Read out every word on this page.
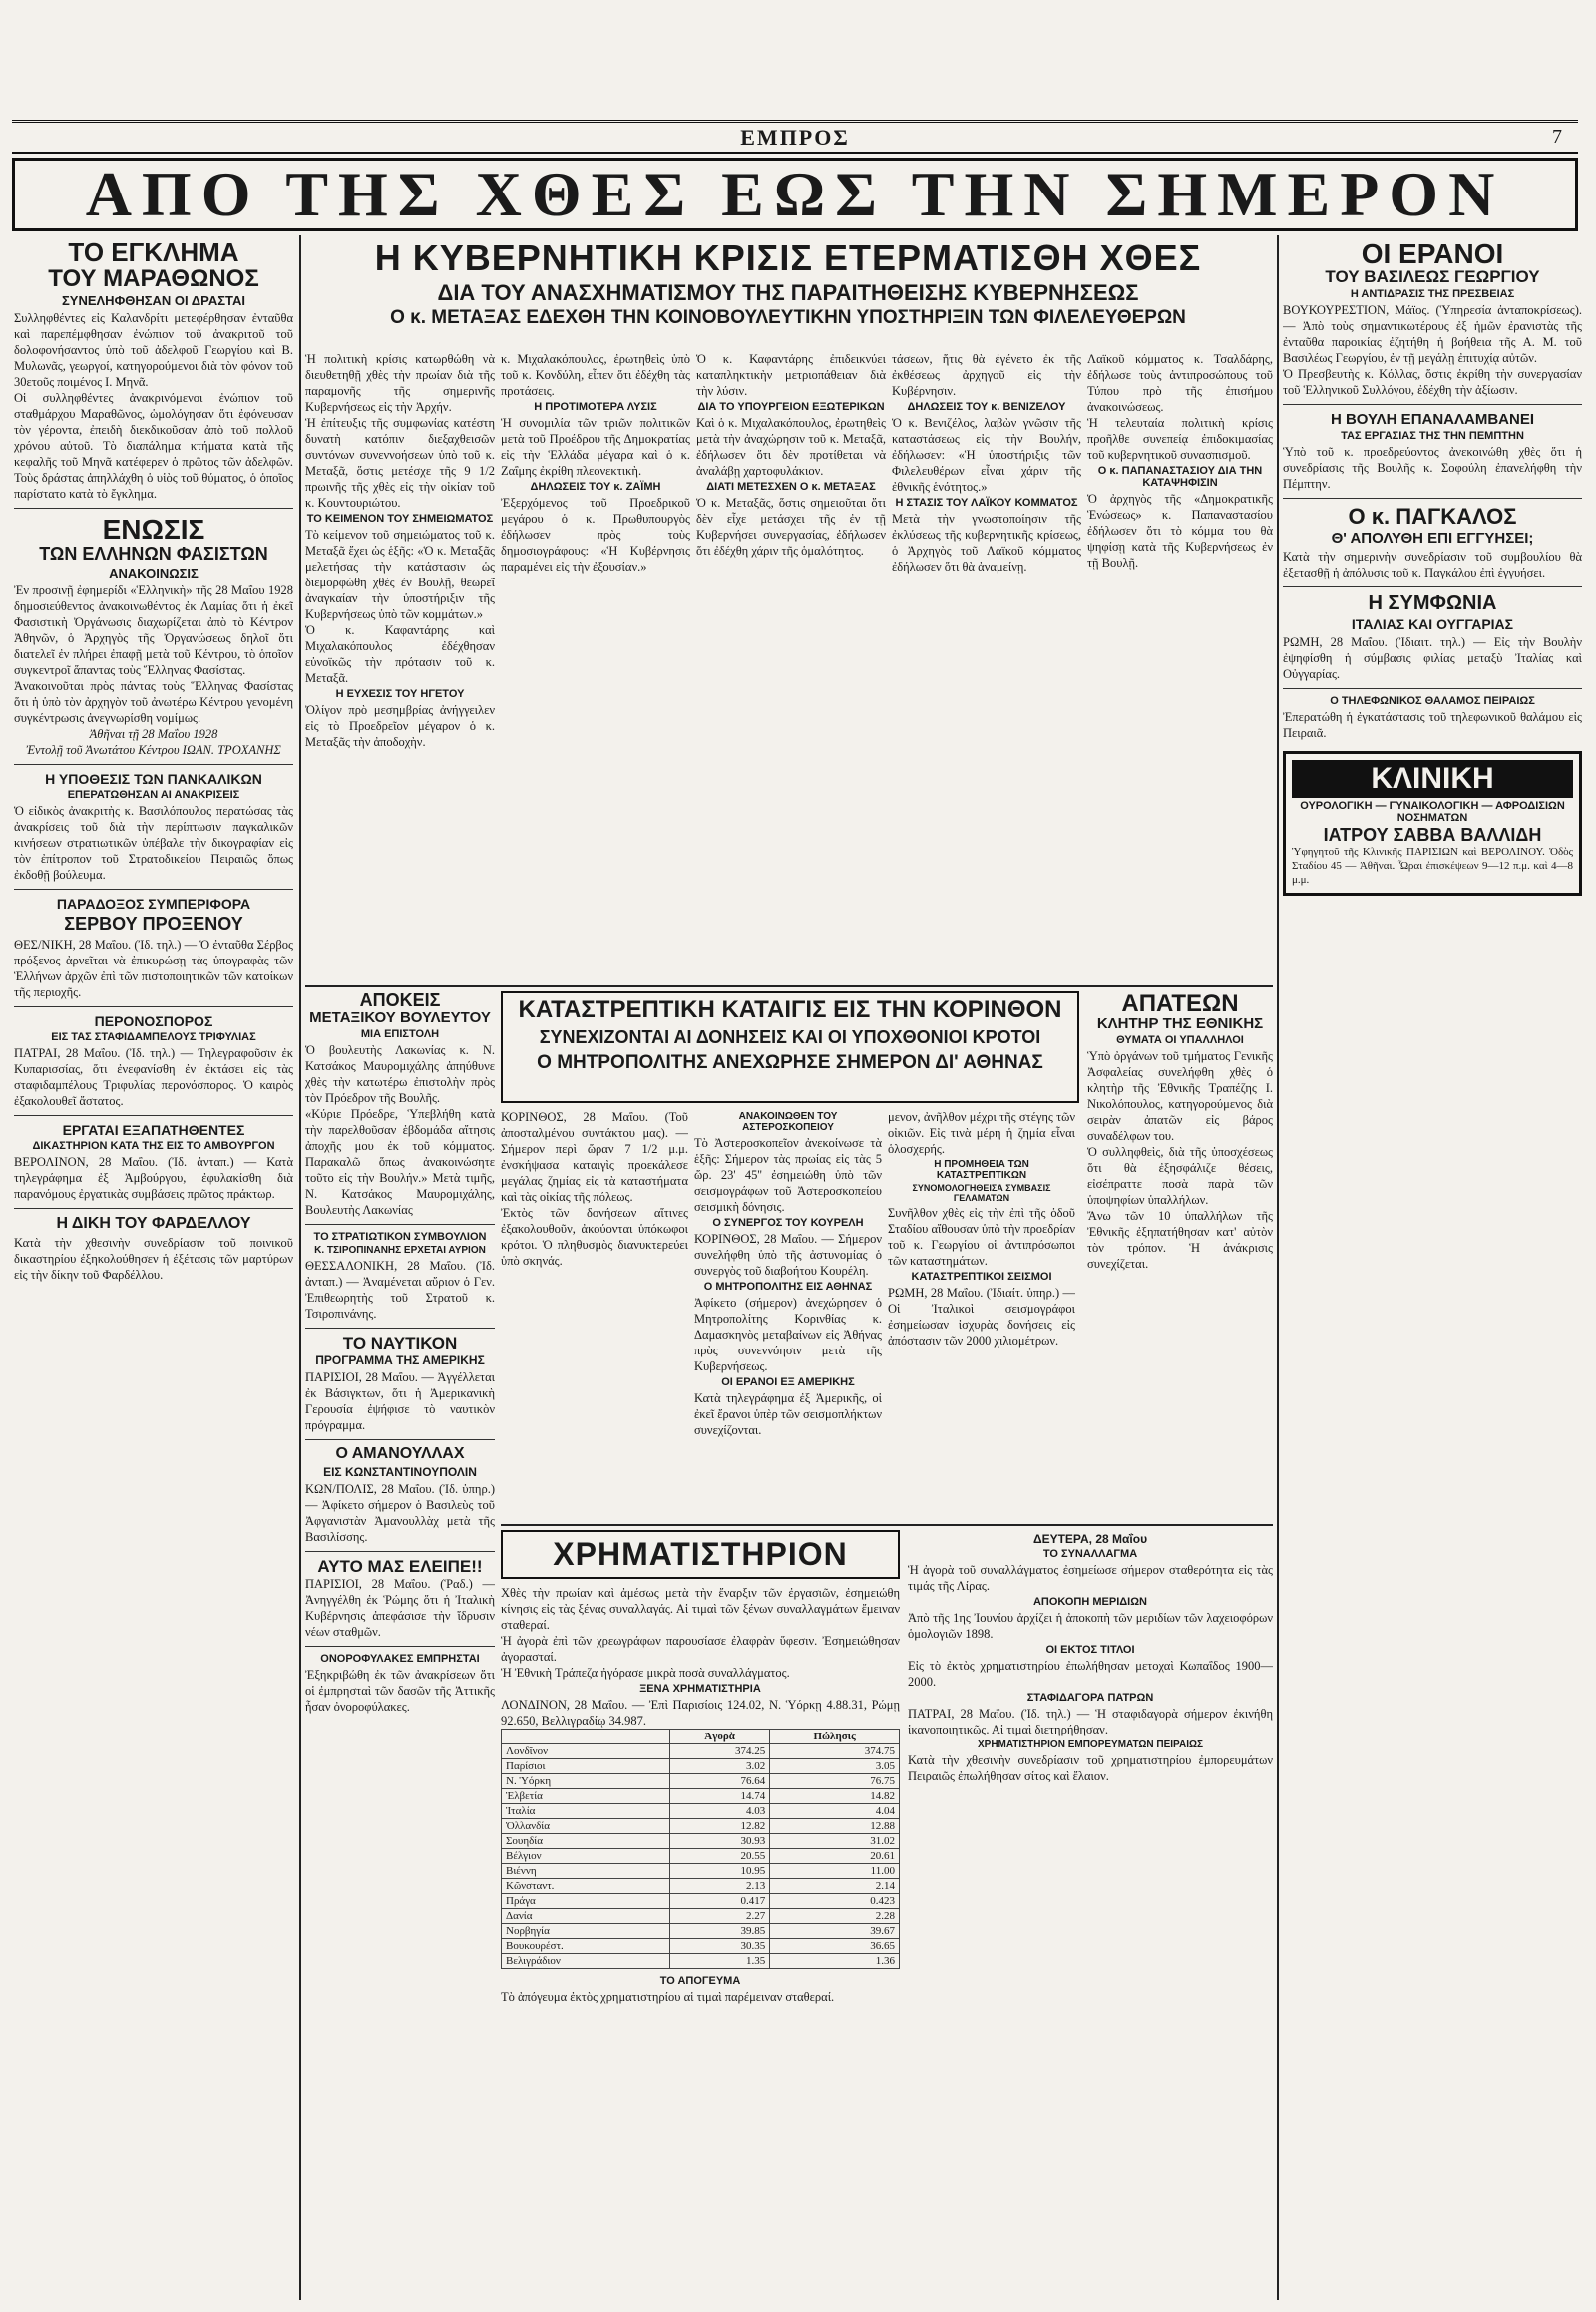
ΕΜΠΡΟΣ	7
ΑΠΟ ΤΗΣ ΧΘΕΣ ΕΩΣ ΤΗΝ ΣΗΜΕΡΟΝ
ΤΟ ΕΓΚΛΗΜΑ
ΤΟΥ ΜΑΡΑΘΩΝΟΣ
ΣΥΝΕΛΗΦΘΗΣΑΝ ΟΙ ΔΡΑΣΤΑΙ

Συλληφθέντες εἰς Καλανδρίτι μετεφέρθησαν ἐνταῦθα καὶ παρεπέμφθησαν ἐνώπιον τοῦ ἀνακριτοῦ τοῦ δολοφονήσαντος ὑπὸ τοῦ ἀδελφοῦ Γεωργίου καὶ Β. Μυλωνᾶς, γεωργοί, κατηγορούμενοι διὰ τὸν φόνον τοῦ 30ετοῦς ποιμένος Ι. Μηνᾶ.

Οἱ συλληφθέντες ἀνακρινόμενοι ἐνώπιον τοῦ σταθμάρχου Μαραθῶνος, ὡμολόγησαν ὅτι ἐφόνευσαν τὸν γέροντα, ἐπειδὴ διεκδικοῦσαν ἀπὸ τοῦ πολλοῦ χρόνου αὐτοῦ. Τὸ διαπάλημα κτήματα κατὰ τῆς κεφαλῆς τοῦ Μηνᾶ κατέφερεν ὁ πρῶτος τῶν ἀδελφῶν. Τοὺς δράστας ἀπηλλάχθη ὁ υἱὸς τοῦ θύματος, ὁ ὁποῖος παρίστατο κατὰ τὸ ἔγκλημα.

ΕΝΩΣΙΣ
ΤΩΝ ΕΛΛΗΝΩΝ ΦΑΣΙΣΤΩΝ
ΑΝΑΚΟΙΝΩΣΙΣ

Ἐν προσινῇ ἐφημερίδι «Ἑλληνικὴ» τῆς 28 Μαΐου 1928 δημοσιεύθεντος ἀνακοινωθέντος ἐκ Λαμίας ὅτι ἡ ἐκεῖ Φασιστικὴ Ὀργάνωσις διαχωρίζεται ἀπὸ τὸ Κέντρον Ἀθηνῶν, ὁ Ἀρχηγὸς τῆς Ὀργανώσεως δηλοῖ ὅτι διατελεῖ ἐν πλήρει ἐπαφῇ μετὰ τοῦ Κέντρου, τὸ ὁποῖον συγκεντροῖ ἅπαντας τοὺς Ἕλληνας Φασίστας.

Ἀνακοινοῦται πρὸς πάντας τοὺς Ἕλληνας Φασίστας ὅτι ἡ ὑπὸ τὸν ἀρχηγὸν τοῦ ἀνωτέρω Κέντρου γενομένη συγκέντρωσις ἀνεγνωρίσθη νομίμως.

Ἀθῆναι τῇ 28 Μαΐου 1928

Ἐντολῇ τοῦ Ἀνωτάτου Κέντρου ΙΩΑΝ. ΤΡΟΧΑΝΗΣ

Η ΥΠΟΘΕΣΙΣ ΤΩΝ ΠΑΝΚΑΛΙΚΩΝ
ΕΠΕΡΑΤΩΘΗΣΑΝ ΑΙ ΑΝΑΚΡΙΣΕΙΣ

Ὁ εἰδικὸς ἀνακριτὴς κ. Βασιλόπουλος περατώσας τὰς ἀνακρίσεις τοῦ διὰ τὴν περίπτωσιν παγκαλικῶν κινήσεων στρατιωτικῶν ὑπέβαλε τὴν δικογραφίαν εἰς τὸν ἐπίτροπον τοῦ Στρατοδικείου Πειραιῶς ὅπως ἐκδοθῇ βούλευμα.

ΠΑΡΑΔΟΞΟΣ ΣΥΜΠΕΡΙΦΟΡΑ
ΣΕΡΒΟΥ ΠΡΟΞΕΝΟΥ

ΘΕΣ/ΝΙΚΗ, 28 Μαΐου. (Ἰδ. τηλ.) — Ὁ ἐνταῦθα Σέρβος πρόξενος ἀρνεῖται νὰ ἐπικυρώσῃ τὰς ὑπογραφὰς τῶν Ἑλλήνων ἀρχῶν ἐπὶ τῶν πιστοποιητικῶν τῶν κατοίκων τῆς περιοχῆς.

ΠΕΡΟΝΟΣΠΟΡΟΣ
ΕΙΣ ΤΑΣ ΣΤΑΦΙΔΑΜΠΕΛΟΥΣ ΤΡΙΦΥΛΙΑΣ

ΠΑΤΡΑΙ, 28 Μαΐου. (Ἰδ. τηλ.) — Τηλεγραφοῦσιν ἐκ Κυπαρισσίας, ὅτι ἐνεφανίσθη ἐν ἐκτάσει εἰς τὰς σταφιδαμπέλους Τριφυλίας περονόσπορος. Ὁ καιρὸς ἐξακολουθεῖ ἄστατος.

ΕΡΓΑΤΑΙ ΕΞΑΠΑΤΗΘΕΝΤΕΣ
ΔΙΚΑΣΤΗΡΙΟΝ ΚΑΤΑ ΤΗΣ ΕΙΣ ΤΟ ΑΜΒΟΥΡΓΟΝ

ΒΕΡΟΛΙΝΟΝ, 28 Μαΐου. (Ἰδ. ἀνταπ.) — Κατὰ τηλεγράφημα ἐξ Ἀμβούργου, ἐφυλακίσθη διὰ παρανόμους ἐργατικὰς συμβάσεις πρῶτος πράκτωρ.

Η ΔΙΚΗ ΤΟΥ ΦΑΡΔΕΛΛΟΥ

Κατὰ τὴν χθεσινὴν συνεδρίασιν τοῦ ποινικοῦ δικαστηρίου ἐξηκολούθησεν ἡ ἐξέτασις τῶν μαρτύρων εἰς τὴν δίκην τοῦ Φαρδέλλου.

Η ΚΥΒΕΡΝΗΤΙΚΗ ΚΡΙΣΙΣ ΕΤΕΡΜΑΤΙΣΘΗ ΧΘΕΣ
ΔΙΑ ΤΟΥ ΑΝΑΣΧΗΜΑΤΙΣΜΟΥ ΤΗΣ ΠΑΡΑΙΤΗΘΕΙΣΗΣ ΚΥΒΕΡΝΗΣΕΩΣ
Ο κ. ΜΕΤΑΞΑΣ ΕΔΕΧΘΗ ΤΗΝ ΚΟΙΝΟΒΟΥΛΕΥΤΙΚΗΝ ΥΠΟΣΤΗΡΙΞΙΝ ΤΩΝ ΦΙΛΕΛΕΥΘΕΡΩΝ

Ἡ πολιτικὴ κρίσις κατωρθώθη νὰ διευθετηθῇ χθὲς τὴν πρωίαν διὰ τῆς παραμονῆς τῆς σημερινῆς Κυβερνήσεως εἰς τὴν Ἀρχήν.

Ἡ ἐπίτευξις τῆς συμφωνίας κατέστη δυνατὴ κατόπιν διεξαχθεισῶν συντόνων συνεννοήσεων ὑπὸ τοῦ κ. Μεταξᾶ, ὅστις μετέσχε τῆς 9 1/2 πρωινῆς τῆς χθὲς εἰς τὴν οἰκίαν τοῦ κ. Κουντουριώτου.

ΤΟ ΚΕΙΜΕΝΟΝ ΤΟΥ ΣΗΜΕΙΩΜΑΤΟΣ

Τὸ κείμενον τοῦ σημειώματος τοῦ κ. Μεταξᾶ ἔχει ὡς ἑξῆς: «Ὁ κ. Μεταξᾶς μελετήσας τὴν κατάστασιν ὡς διεμορφώθη χθὲς ἐν Βουλῇ, θεωρεῖ ἀναγκαίαν τὴν ὑποστήριξιν τῆς Κυβερνήσεως ὑπὸ τῶν κομμάτων.»

Ὁ κ. Καφαντάρης καὶ Μιχαλακόπουλος ἐδέχθησαν εὐνοϊκῶς τὴν πρότασιν τοῦ κ. Μεταξᾶ.

Η ΕΥΧΕΣΙΣ ΤΟΥ ΗΓΕΤΟΥ

Ὀλίγον πρὸ μεσημβρίας ἀνήγγειλεν εἰς τὸ Προεδρεῖον μέγαρον ὁ κ. Μεταξᾶς τὴν ἀποδοχὴν.

κ. Μιχαλακόπουλος, ἐρωτηθεὶς ὑπὸ τοῦ κ. Κονδύλη, εἶπεν ὅτι ἐδέχθη τὰς προτάσεις.

Η ΠΡΟΤΙΜΟΤΕΡΑ ΛΥΣΙΣ

Ἡ συνομιλία τῶν τριῶν πολιτικῶν μετὰ τοῦ Προέδρου τῆς Δημοκρατίας εἰς τὴν Ἑλλάδα μέγαρα καὶ ὁ κ. Ζαΐμης ἐκρίθη πλεονεκτικὴ.

ΔΗΛΩΣΕΙΣ ΤΟΥ κ. ΖΑΪΜΗ

Ἐξερχόμενος τοῦ Προεδρικοῦ μεγάρου ὁ κ. Πρωθυπουργὸς ἐδήλωσεν πρὸς τοὺς δημοσιογράφους: «Ἡ Κυβέρνησις παραμένει εἰς τὴν ἐξουσίαν.»

Ὁ κ. Καφαντάρης ἐπιδεικνύει καταπληκτικὴν μετριοπάθειαν διὰ τὴν λύσιν.

ΔΙΑ ΤΟ ΥΠΟΥΡΓΕΙΟΝ ΕΞΩΤΕΡΙΚΩΝ

Καὶ ὁ κ. Μιχαλακόπουλος, ἐρωτηθεὶς μετὰ τὴν ἀναχώρησιν τοῦ κ. Μεταξᾶ, ἐδήλωσεν ὅτι δὲν προτίθεται νὰ ἀναλάβῃ χαρτοφυλάκιον.

ΔΙΑΤΙ ΜΕΤΕΣΧΕΝ Ο κ. ΜΕΤΑΞΑΣ

Ὁ κ. Μεταξᾶς, ὅστις σημειοῦται ὅτι δὲν εἶχε μετάσχει τῆς ἐν τῇ Κυβερνήσει συνεργασίας, ἐδήλωσεν ὅτι ἐδέχθη χάριν τῆς ὁμαλότητος.

τάσεων, ἥτις θὰ ἐγένετο ἐκ τῆς ἐκθέσεως ἀρχηγοῦ εἰς τὴν Κυβέρνησιν.

ΔΗΛΩΣΕΙΣ ΤΟΥ κ. ΒΕΝΙΖΕΛΟΥ

Ὁ κ. Βενιζέλος, λαβὼν γνῶσιν τῆς καταστάσεως εἰς τὴν Βουλήν, ἐδήλωσεν: «Ἡ ὑποστήριξις τῶν Φιλελευθέρων εἶναι χάριν τῆς ἐθνικῆς ἑνότητος.»

Η ΣΤΑΣΙΣ ΤΟΥ ΛΑΪΚΟΥ ΚΟΜΜΑΤΟΣ

Μετὰ τὴν γνωστοποίησιν τῆς ἐκλύσεως τῆς κυβερνητικῆς κρίσεως, ὁ Ἀρχηγὸς τοῦ Λαϊκοῦ κόμματος ἐδήλωσεν ὅτι θὰ ἀναμείνῃ.

Λαϊκοῦ κόμματος κ. Τσαλδάρης, ἐδήλωσε τοὺς ἀντιπροσώπους τοῦ Τύπου πρὸ τῆς ἐπισήμου ἀνακοινώσεως.

Ἡ τελευταία πολιτικὴ κρίσις προῆλθε συνεπείᾳ ἐπιδοκιμασίας τοῦ κυβερνητικοῦ συνασπισμοῦ.

Ο κ. ΠΑΠΑΝΑΣΤΑΣΙΟΥ ΔΙΑ ΤΗΝ ΚΑΤΑΨΗΦΙΣΙΝ

Ὁ ἀρχηγὸς τῆς «Δημοκρατικῆς Ἑνώσεως» κ. Παπαναστασίου ἐδήλωσεν ὅτι τὸ κόμμα του θὰ ψηφίσῃ κατὰ τῆς Κυβερνήσεως ἐν τῇ Βουλῇ.

ΟΙ ΕΡΑΝΟΙ
ΤΟΥ ΒΑΣΙΛΕΩΣ ΓΕΩΡΓΙΟΥ
Η ΑΝΤΙΔΡΑΣΙΣ ΤΗΣ ΠΡΕΣΒΕΙΑΣ

ΒΟΥΚΟΥΡΕΣΤΙΟΝ, Μάϊος. (Ὑπηρεσία ἀνταποκρίσεως). — Ἀπὸ τοὺς σημαντικωτέρους ἐξ ἡμῶν ἐρανιστὰς τῆς ἐνταῦθα παροικίας ἐζητήθη ἡ βοήθεια τῆς Α. Μ. τοῦ Βασιλέως Γεωργίου, ἐν τῇ μεγάλῃ ἐπιτυχίᾳ αὐτῶν.

Ὁ Πρεσβευτὴς κ. Κόλλας, ὅστις ἐκρίθη τὴν συνεργασίαν τοῦ Ἑλληνικοῦ Συλλόγου, ἐδέχθη τὴν ἀξίωσιν.

Η ΒΟΥΛΗ ΕΠΑΝΑΛΑΜΒΑΝΕΙ
ΤΑΣ ΕΡΓΑΣΙΑΣ ΤΗΣ ΤΗΝ ΠΕΜΠΤΗΝ

Ὑπὸ τοῦ κ. προεδρεύοντος ἀνεκοινώθη χθὲς ὅτι ἡ συνεδρίασις τῆς Βουλῆς κ. Σοφούλη ἐπανελήφθη τὴν Πέμπτην.

Ο κ. ΠΑΓΚΑΛΟΣ
Θ' ΑΠΟΛΥΘΗ ΕΠΙ ΕΓΓΥΗΣΕΙ;

Κατὰ τὴν σημερινὴν συνεδρίασιν τοῦ συμβουλίου θὰ ἐξετασθῇ ἡ ἀπόλυσις τοῦ κ. Παγκάλου ἐπὶ ἐγγυήσει.

Η ΣΥΜΦΩΝΙΑ
ΙΤΑΛΙΑΣ ΚΑΙ ΟΥΓΓΑΡΙΑΣ

ΡΩΜΗ, 28 Μαΐου. (Ἰδιαιτ. τηλ.) — Εἰς τὴν Βουλὴν ἐψηφίσθη ἡ σύμβασις φιλίας μεταξὺ Ἰταλίας καὶ Οὐγγαρίας.

Ο ΤΗΛΕΦΩΝΙΚΟΣ ΘΑΛΑΜΟΣ ΠΕΙΡΑΙΩΣ

Ἐπερατώθη ἡ ἐγκατάστασις τοῦ τηλεφωνικοῦ θαλάμου εἰς Πειραιᾶ.

ΚΛΙΝΙΚΗ
ΟΥΡΟΛΟΓΙΚΗ — ΓΥΝΑΙΚΟΛΟΓΙΚΗ — ΑΦΡΟΔΙΣΙΩΝ ΝΟΣΗΜΑΤΩΝ
ΙΑΤΡΟΥ ΣΑΒΒΑ ΒΑΛΛΙΔΗ

Ὑφηγητοῦ τῆς Κλινικῆς ΠΑΡΙΣΙΩΝ καὶ ΒΕΡΟΛΙΝΟΥ. Ὁδὸς Σταδίου 45 — Ἀθῆναι. Ὧραι ἐπισκέψεων 9—12 π.μ. καὶ 4—8 μ.μ.

ΑΠΟΚΕΙΣ
ΜΕΤΑΞΙΚΟΥ ΒΟΥΛΕΥΤΟΥ
ΜΙΑ ΕΠΙΣΤΟΛΗ

Ὁ βουλευτὴς Λακωνίας κ. Ν. Κατσάκος Μαυρομιχάλης ἀπηύθυνε χθὲς τὴν κατωτέρω ἐπιστολὴν πρὸς τὸν Πρόεδρον τῆς Βουλῆς.

«Κύριε Πρόεδρε, Ὑπεβλήθη κατὰ τὴν παρελθοῦσαν ἑβδομάδα αἴτησις ἀποχῆς μου ἐκ τοῦ κόμματος. Παρακαλῶ ὅπως ἀνακοινώσητε τοῦτο εἰς τὴν Βουλήν.» Μετὰ τιμῆς, Ν. Κατσάκος Μαυρομιχάλης, Βουλευτὴς Λακωνίας

ΤΟ ΣΤΡΑΤΙΩΤΙΚΟΝ ΣΥΜΒΟΥΛΙΟΝ
Κ. ΤΣΙΡΟΠΙΝΑΝΗΣ ΕΡΧΕΤΑΙ ΑΥΡΙΟΝ

ΘΕΣΣΑΛΟΝΙΚΗ, 28 Μαΐου. (Ἰδ. ἀνταπ.) — Ἀναμένεται αὔριον ὁ Γεν. Ἐπιθεωρητὴς τοῦ Στρατοῦ κ. Τσιροπινάνης.

ΤΟ ΝΑΥΤΙΚΟΝ
ΠΡΟΓΡΑΜΜΑ ΤΗΣ ΑΜΕΡΙΚΗΣ

ΠΑΡΙΣΙΟΙ, 28 Μαΐου. — Ἀγγέλλεται ἐκ Βάσιγκτων, ὅτι ἡ Ἀμερικανικὴ Γερουσία ἐψήφισε τὸ ναυτικὸν πρόγραμμα.

Ο ΑΜΑΝΟΥΛΛΑΧ
ΕΙΣ ΚΩΝΣΤΑΝΤΙΝΟΥΠΟΛΙΝ

ΚΩΝ/ΠΟΛΙΣ, 28 Μαΐου. (Ἰδ. ὑπηρ.) — Ἀφίκετο σήμερον ὁ Βασιλεὺς τοῦ Ἀφγανιστὰν Ἀμανουλλὰχ μετὰ τῆς Βασιλίσσης.

ΑΥΤΟ ΜΑΣ ΕΛΕΙΠΕ!!

ΠΑΡΙΣΙΟΙ, 28 Μαΐου. (Ῥαδ.) — Ἀνηγγέλθη ἐκ Ῥώμης ὅτι ἡ Ἰταλικὴ Κυβέρνησις ἀπεφάσισε τὴν ἵδρυσιν νέων σταθμῶν.

ΟΝΟΡΟΦΥΛΑΚΕΣ ΕΜΠΡΗΣΤΑΙ

Ἐξηκριβώθη ἐκ τῶν ἀνακρίσεων ὅτι οἱ ἐμπρησταὶ τῶν δασῶν τῆς Ἀττικῆς ἦσαν ὀνοροφύλακες.

ΚΑΤΑΣΤΡΕΠΤΙΚΗ ΚΑΤΑΙΓΙΣ ΕΙΣ ΤΗΝ ΚΟΡΙΝΘΟΝ
ΣΥΝΕΧΙΖΟΝΤΑΙ ΑΙ ΔΟΝΗΣΕΙΣ ΚΑΙ ΟΙ ΥΠΟΧΘΟΝΙΟΙ ΚΡΟΤΟΙ
Ο ΜΗΤΡΟΠΟΛΙΤΗΣ ΑΝΕΧΩΡΗΣΕ ΣΗΜΕΡΟΝ ΔΙ' ΑΘΗΝΑΣ

ΚΟΡΙΝΘΟΣ, 28 Μαΐου. (Τοῦ ἀποσταλμένου συντάκτου μας). — Σήμερον περὶ ὥραν 7 1/2 μ.μ. ἐνσκήψασα καταιγὶς προεκάλεσε μεγάλας ζημίας εἰς τὰ καταστήματα καὶ τὰς οἰκίας τῆς πόλεως.

Ἐκτὸς τῶν δονήσεων αἵτινες ἐξακολουθοῦν, ἀκούονται ὑπόκωφοι κρότοι. Ὁ πληθυσμὸς διανυκτερεύει ὑπὸ σκηνάς.

ΑΝΑΚΟΙΝΩΘΕΝ ΤΟΥ ΑΣΤΕΡΟΣΚΟΠΕΙΟΥ

Τὸ Ἀστεροσκοπεῖον ἀνεκοίνωσε τὰ ἑξῆς: Σήμερον τὰς πρωίας εἰς τὰς 5 ὥρ. 23' 45'' ἐσημειώθη ὑπὸ τῶν σεισμογράφων τοῦ Ἀστεροσκοπείου σεισμικὴ δόνησις.

Ο ΣΥΝΕΡΓΟΣ ΤΟΥ ΚΟΥΡΕΛΗ

ΚΟΡΙΝΘΟΣ, 28 Μαΐου. — Σήμερον συνελήφθη ὑπὸ τῆς ἀστυνομίας ὁ συνεργὸς τοῦ διαβοήτου Κουρέλη.

Ο ΜΗΤΡΟΠΟΛΙΤΗΣ ΕΙΣ ΑΘΗΝΑΣ

Ἀφίκετο (σήμερον) ἀνεχώρησεν ὁ Μητροπολίτης Κορινθίας κ. Δαμασκηνὸς μεταβαίνων εἰς Ἀθήνας πρὸς συνεννόησιν μετὰ τῆς Κυβερνήσεως.

ΟΙ ΕΡΑΝΟΙ ΕΞ ΑΜΕΡΙΚΗΣ

Κατὰ τηλεγράφημα ἐξ Ἀμερικῆς, οἱ ἐκεῖ ἔρανοι ὑπὲρ τῶν σεισμοπλήκτων συνεχίζονται.

μενον, ἀνῆλθον μέχρι τῆς στέγης τῶν οἰκιῶν. Εἰς τινὰ μέρη ἡ ζημία εἶναι ὁλοσχερής.

Η ΠΡΟΜΗΘΕΙΑ ΤΩΝ ΚΑΤΑΣΤΡΕΠΤΙΚΩΝ
ΣΥΝΟΜΟΛΟΓΗΘΕΙΣΑ ΣΥΜΒΑΣΙΣ ΓΕΛΑΜΑΤΩΝ

Συνῆλθον χθὲς εἰς τὴν ἐπὶ τῆς ὁδοῦ Σταδίου αἴθουσαν ὑπὸ τὴν προεδρίαν τοῦ κ. Γεωργίου οἱ ἀντιπρόσωποι τῶν καταστημάτων.

ΚΑΤΑΣΤΡΕΠΤΙΚΟΙ ΣΕΙΣΜΟΙ

ΡΩΜΗ, 28 Μαΐου. (Ἰδιαίτ. ὑπηρ.) — Οἱ Ἰταλικοὶ σεισμογράφοι ἐσημείωσαν ἰσχυρὰς δονήσεις εἰς ἀπόστασιν τῶν 2000 χιλιομέτρων.

ΑΠΑΤΕΩΝ
ΚΛΗΤΗΡ ΤΗΣ ΕΘΝΙΚΗΣ
ΘΥΜΑΤΑ ΟΙ ΥΠΑΛΛΗΛΟΙ

Ὑπὸ ὀργάνων τοῦ τμήματος Γενικῆς Ἀσφαλείας συνελήφθη χθὲς ὁ κλητὴρ τῆς Ἐθνικῆς Τραπέζης Ι. Νικολόπουλος, κατηγορούμενος διὰ σειρὰν ἀπατῶν εἰς βάρος συναδέλφων του.

Ὁ συλληφθεὶς, διὰ τῆς ὑποσχέσεως ὅτι θὰ ἐξησφάλιζε θέσεις, εἰσέπραττε ποσὰ παρὰ τῶν ὑποψηφίων ὑπαλλήλων.

Ἄνω τῶν 10 ὑπαλλήλων τῆς Ἐθνικῆς ἐξηπατήθησαν κατ' αὐτὸν τὸν τρόπον. Ἡ ἀνάκρισις συνεχίζεται.

ΧΡΗΜΑΤΙΣΤΗΡΙΟΝ

Χθὲς τὴν πρωίαν καὶ ἀμέσως μετὰ τὴν ἔναρξιν τῶν ἐργασιῶν, ἐσημειώθη κίνησις εἰς τὰς ξένας συναλλαγάς. Αἱ τιμαὶ τῶν ξένων συναλλαγμάτων ἔμειναν σταθεραί.

Ἡ ἀγορὰ ἐπὶ τῶν χρεωγράφων παρουσίασε ἐλαφρὰν ὕφεσιν. Ἐσημειώθησαν ἀγορασταί.

Ἡ Ἐθνικὴ Τράπεζα ἠγόρασε μικρὰ ποσὰ συναλλάγματος.

ΞΕΝΑ ΧΡΗΜΑΤΙΣΤΗΡΙΑ

ΛΟΝΔΙΝΟΝ, 28 Μαΐου. — Ἐπὶ Παρισίοις 124.02, Ν. Ὑόρκῃ 4.88.31, Ρώμῃ 92.650, Βελλιγραδίῳ 34.987.

	Ἀγορὰ	Πώλησις
Λονδῖνον	374.25	374.75
Παρίσιοι	3.02	3.05
Ν. Ὑόρκη	76.64	76.75
Ἑλβετία	14.74	14.82
Ἰταλία	4.03	4.04
Ὁλλανδία	12.82	12.88
Σουηδία	30.93	31.02
Βέλγιον	20.55	20.61
Βιέννη	10.95	11.00
Κῶνσταντ.	2.13	2.14
Πράγα	0.417	0.423
Δανία	2.27	2.28
Νορβηγία	39.85	39.67
Βουκουρέστ.	30.35	36.65
Βελιγράδιον	1.35	1.36
ΤΟ ΑΠΟΓΕΥΜΑ

Τὸ ἀπόγευμα ἐκτὸς χρηματιστηρίου αἱ τιμαὶ παρέμειναν σταθεραί.

ΔΕΥΤΕΡΑ, 28 Μαΐου
ΤΟ ΣΥΝΑΛΛΑΓΜΑ

Ἡ ἀγορὰ τοῦ συναλλάγματος ἐσημείωσε σήμερον σταθερότητα εἰς τὰς τιμάς τῆς Λίρας.

ΑΠΟΚΟΠΗ ΜΕΡΙΔΙΩΝ

Ἀπὸ τῆς 1ης Ἰουνίου ἀρχίζει ἡ ἀποκοπὴ τῶν μεριδίων τῶν λαχειοφόρων ὁμολογιῶν 1898.

ΟΙ ΕΚΤΟΣ ΤΙΤΛΟΙ

Εἰς τὸ ἐκτὸς χρηματιστηρίου ἐπωλήθησαν μετοχαὶ Κωπαΐδος 1900—2000.

ΣΤΑΦΙΔΑΓΟΡΑ ΠΑΤΡΩΝ

ΠΑΤΡΑΙ, 28 Μαΐου. (Ἰδ. τηλ.) — Ἡ σταφιδαγορὰ σήμερον ἐκινήθη ἱκανοποιητικῶς. Αἱ τιμαὶ διετηρήθησαν.

ΧΡΗΜΑΤΙΣΤΗΡΙΟΝ ΕΜΠΟΡΕΥΜΑΤΩΝ ΠΕΙΡΑΙΩΣ

Κατὰ τὴν χθεσινὴν συνεδρίασιν τοῦ χρηματιστηρίου ἐμπορευμάτων Πειραιῶς ἐπωλήθησαν σίτος καὶ ἔλαιον.
